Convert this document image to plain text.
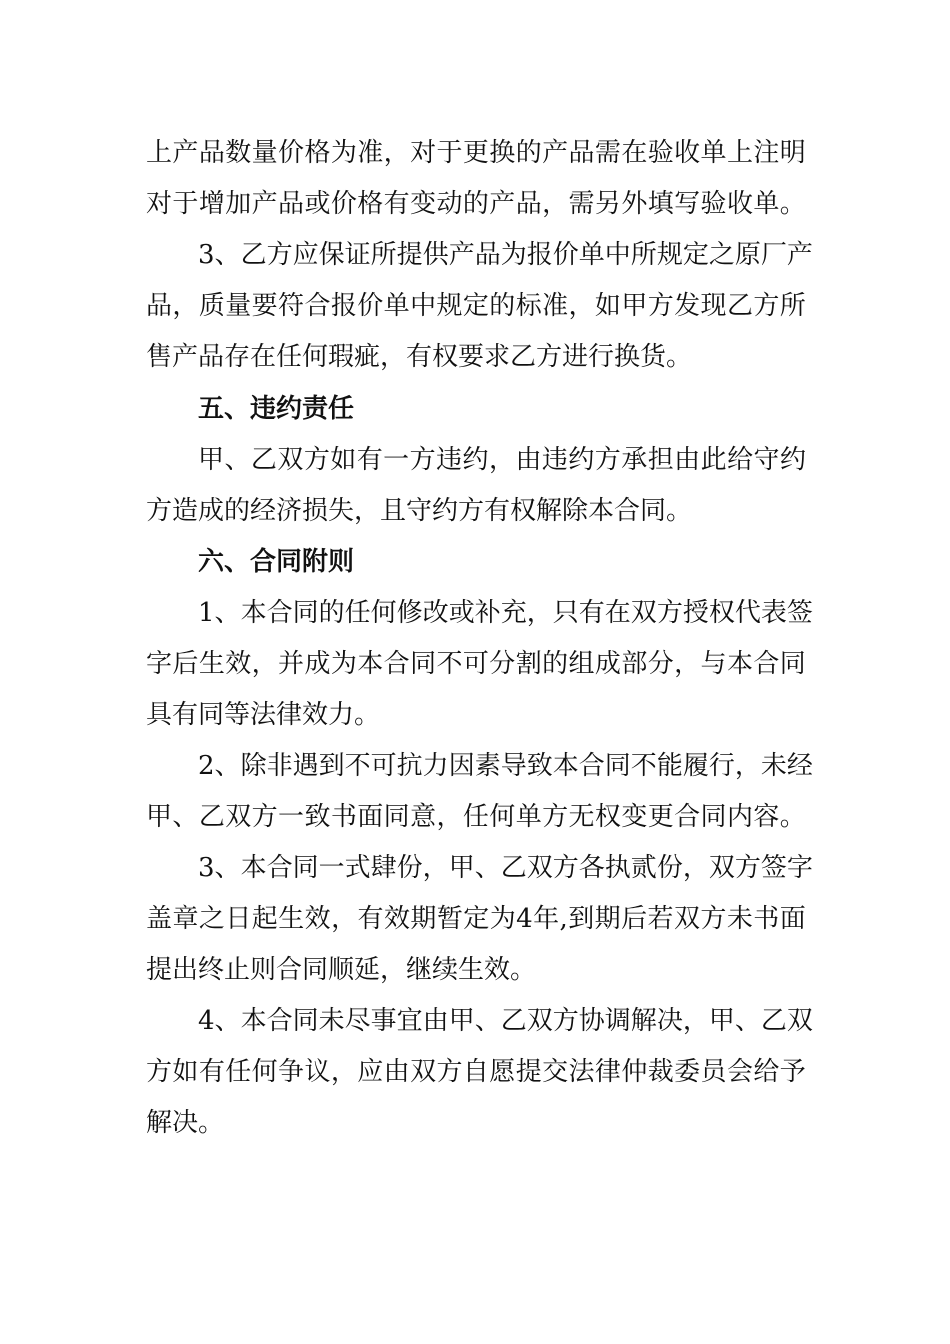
上 产 品 数 量 价 格 为 准 ， 对 于 更 换 的 产 品 需 在 验 收 单 上 注 明
对 于 增 加 产 品 或 价 格 有 变 动 的 产 品 ， 需 另 外 填 写 验 收 单 。
3 、 乙 方 应 保 证 所 提 供 产 品 为 报 价 单 中 所 规 定 之 原 厂 产
品 ， 质 量 要 符 合 报 价 单 中 规 定 的 标 准 ， 如 甲 方 发 现 乙 方 所
售产品存在任何瑕疵，有权要求乙方进行换货。
五、违约责任
甲 、 乙 双 方 如 有 一 方 违 约 ， 由 违 约 方 承 担 由 此 给 守 约
方造成的经济损失，且守约方有权解除本合同。
六、合同附则
1 、 本 合 同 的 任 何 修 改 或 补 充 ， 只 有 在 双 方 授 权 代 表 签
字 后 生 效 ， 并 成 为 本 合 同 不 可 分 割 的 组 成 部 分 ， 与 本 合 同
具有同等法律效力。
2 、 除 非 遇 到 不 可 抗 力 因 素 导 致 本 合 同 不 能 履 行 ， 未 经
甲 、 乙 双 方 一 致 书 面 同 意 ， 任 何 单 方 无 权 变 更 合 同 内 容 。
3 、 本 合 同 一 式 肆 份 ， 甲 、 乙 双 方 各 执 贰 份 ， 双 方 签 字
盖 章 之 日 起 生 效 ， 有 效 期 暂 定 为 4 年 , 到 期 后 若 双 方 未 书 面
提出终止则合同顺延，继续生效。
4 、 本 合 同 未 尽 事 宜 由 甲 、 乙 双 方 协 调 解 决 ， 甲 、 乙 双
方 如 有 任 何 争 议 ， 应 由 双 方 自 愿 提 交 法 律 仲 裁 委 员 会 给 予
解决。
